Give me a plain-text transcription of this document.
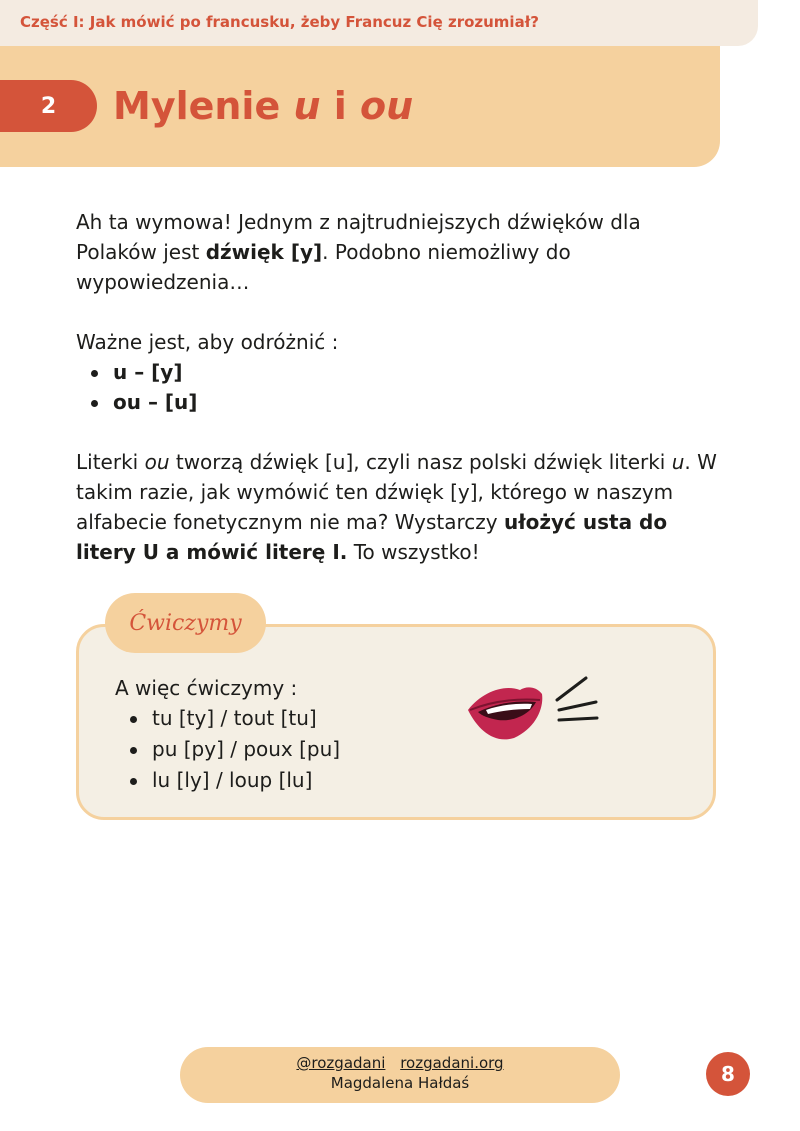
Część I: Jak mówić po francusku, żeby Francuz Cię zrozumiał?
2	Mylenie u i ou

Ah ta wymowa! Jednym z najtrudniejszych dźwięków dla Polaków jest dźwięk [y]. Podobno niemożliwy do wypowiedzenia…

Ważne jest, aby odróżnić :

u – [y]
ou – [u]

Literki ou tworzą dźwięk [u], czyli nasz polski dźwięk literki u. W takim razie, jak wymówić ten dźwięk [y], którego w naszym alfabecie fonetycznym nie ma? Wystarczy ułożyć usta do litery U a mówić literę I. To wszystko!

Ćwiczymy
A więc ćwiczymy :
tu [ty] / tout [tu]
pu [py] / poux [pu]
lu [ly] / loup [lu]
@rozgadani rozgadani.org
Magdalena Hałdaś	8
